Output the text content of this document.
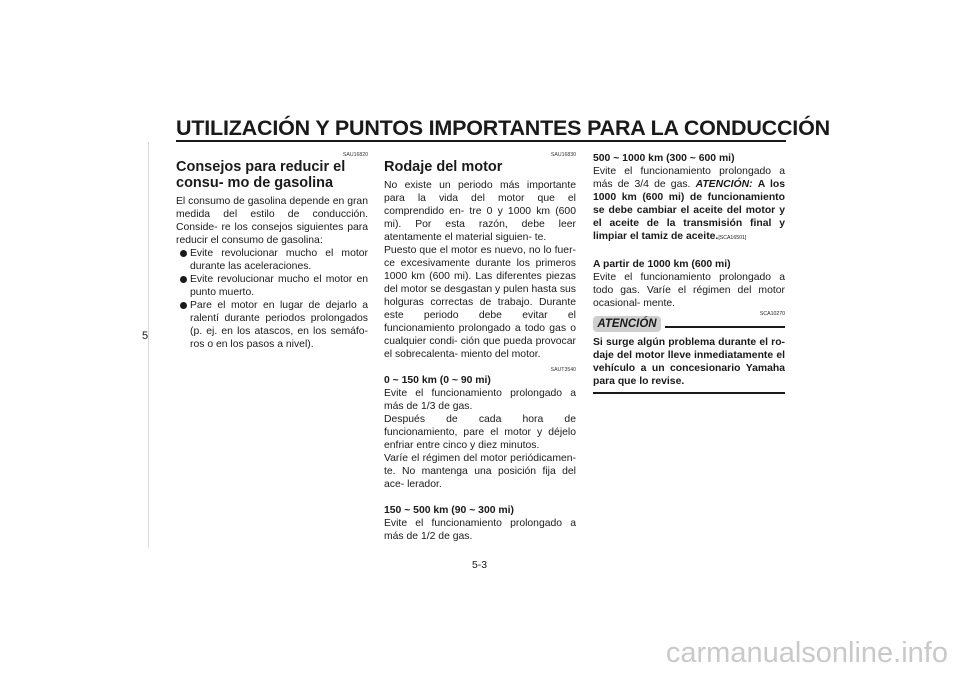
UTILIZACIÓN Y PUNTOS IMPORTANTES PARA LA CONDUCCIÓN
5
SAU16820
Consejos para reducir el consu- mo de gasolina

El consumo de gasolina depende en gran medida del estilo de conducción. Conside- re los consejos siguientes para reducir el consumo de gasolina:

Evite revolucionar mucho el motor durante las aceleraciones.
Evite revolucionar mucho el motor en punto muerto.
Pare el motor en lugar de dejarlo a ralentí durante periodos prolongados (p. ej. en los atascos, en los semáfo- ros o en los pasos a nivel).
SAU16830
Rodaje del motor

No existe un periodo más importante para la vida del motor que el comprendido en- tre 0 y 1000 km (600 mi). Por esta razón, debe leer atentamente el material siguien- te.

Puesto que el motor es nuevo, no lo fuer- ce excesivamente durante los primeros 1000 km (600 mi). Las diferentes piezas del motor se desgastan y pulen hasta sus holguras correctas de trabajo. Durante este periodo debe evitar el funcionamiento prolongado a todo gas o cualquier condi- ción que pueda provocar el sobrecalenta- miento del motor.

SAUT3540

0 ~ 150 km (0 ~ 90 mi)

Evite el funcionamiento prolongado a más de 1/3 de gas.

Después de cada hora de funcionamiento, pare el motor y déjelo enfriar entre cinco y diez minutos.

Varíe el régimen del motor periódicamen- te. No mantenga una posición fija del ace- lerador.

150 ~ 500 km (90 ~ 300 mi)

Evite el funcionamiento prolongado a más de 1/2 de gas.

500 ~ 1000 km (300 ~ 600 mi)

Evite el funcionamiento prolongado a más de 3/4 de gas. ATENCIÓN: A los 1000 km (600 mi) de funcionamiento se debe cambiar el aceite del motor y el aceite de la transmisión final y limpiar el tamiz de aceite.[SCA16501]

A partir de 1000 km (600 mi)

Evite el funcionamiento prolongado a todo gas. Varíe el régimen del motor ocasional- mente.

ATENCIÓN
SCA10270

Si surge algún problema durante el ro- daje del motor lleve inmediatamente el vehículo a un concesionario Yamaha para que lo revise.

5-3
carmanualsonline.info
